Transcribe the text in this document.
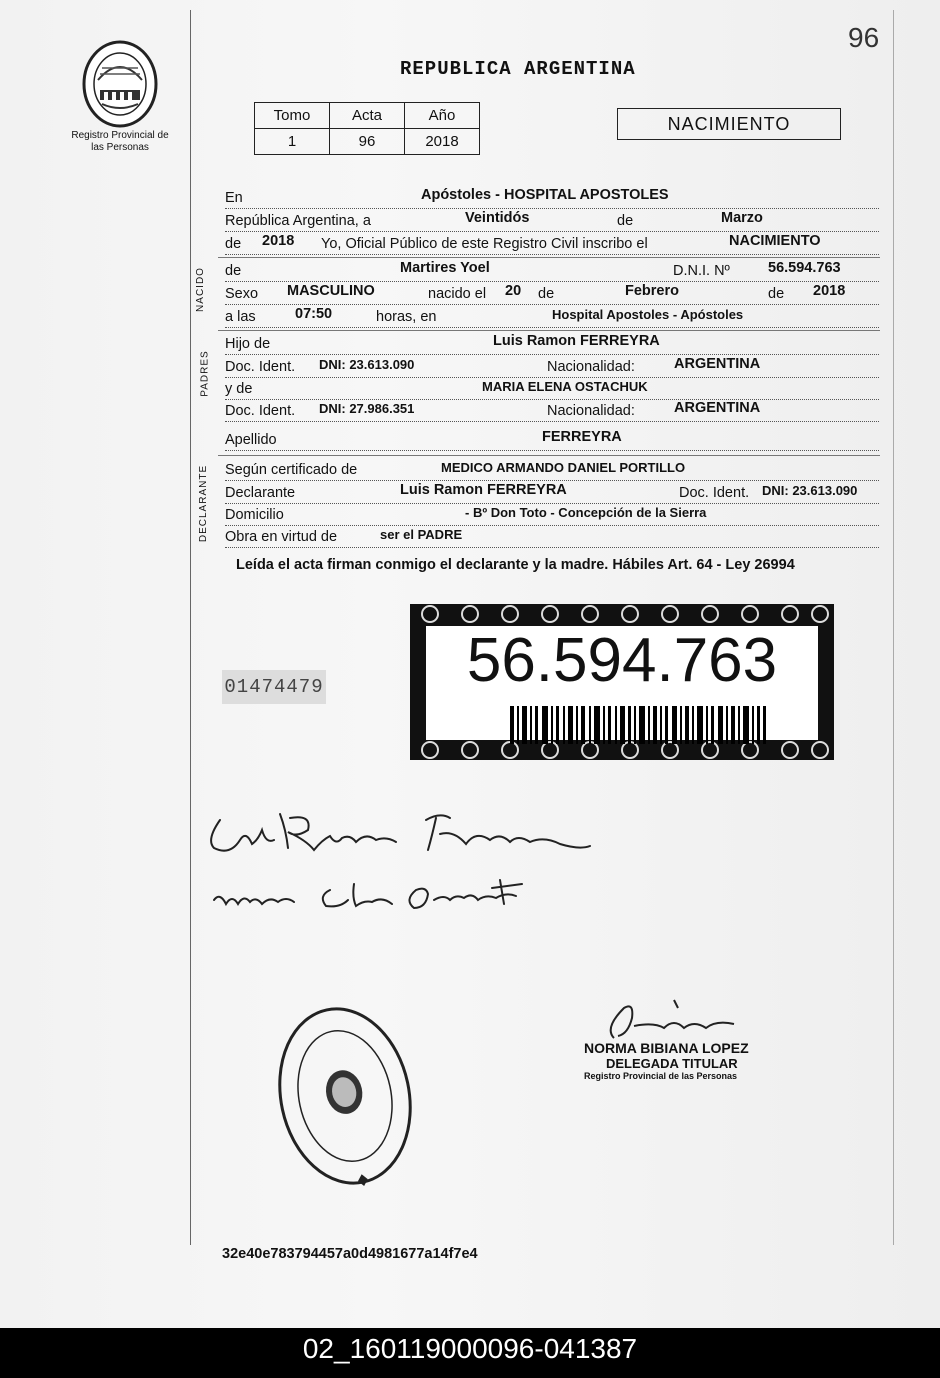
96
Registro Provincial de las Personas
REPUBLICA ARGENTINA
Tomo	Acta	Año
1	96	2018
NACIMIENTO
En	Apóstoles - HOSPITAL APOSTOLES
República Argentina, a	Veintidós	de	Marzo
de 2018 Yo, Oficial Público de este Registro Civil inscribo el	NACIMIENTO
NACIDO de	Martires Yoel	D.N.I. Nº	56.594.763
Sexo MASCULINO	nacido el 20 de	Febrero	de 2018
a las	07:50	horas, en	Hospital Apostoles - Apóstoles
PADRES
Hijo de	Luis Ramon FERREYRA
Doc. Ident. DNI: 23.613.090	Nacionalidad:	ARGENTINA
y de	MARIA ELENA OSTACHUK
Doc. Ident. DNI: 27.986.351	Nacionalidad:	ARGENTINA
Apellido	FERREYRA
DECLARANTE Según certificado de	MEDICO ARMANDO DANIEL PORTILLO
Declarante	Luis Ramon FERREYRA	Doc. Ident. DNI: 23.613.090
Domicilio	- Bº Don Toto - Concepción de la Sierra
Obra en virtud de	ser el PADRE
Leída el acta firman conmigo el declarante y la madre. Hábiles Art. 64 - Ley 26994
01474479	56.594.763
NORMA BIBIANA LOPEZ
DELEGADA TITULAR
Registro Provincial de las Personas
32e40e783794457a0d4981677a14f7e4
02_160119000096-041387
